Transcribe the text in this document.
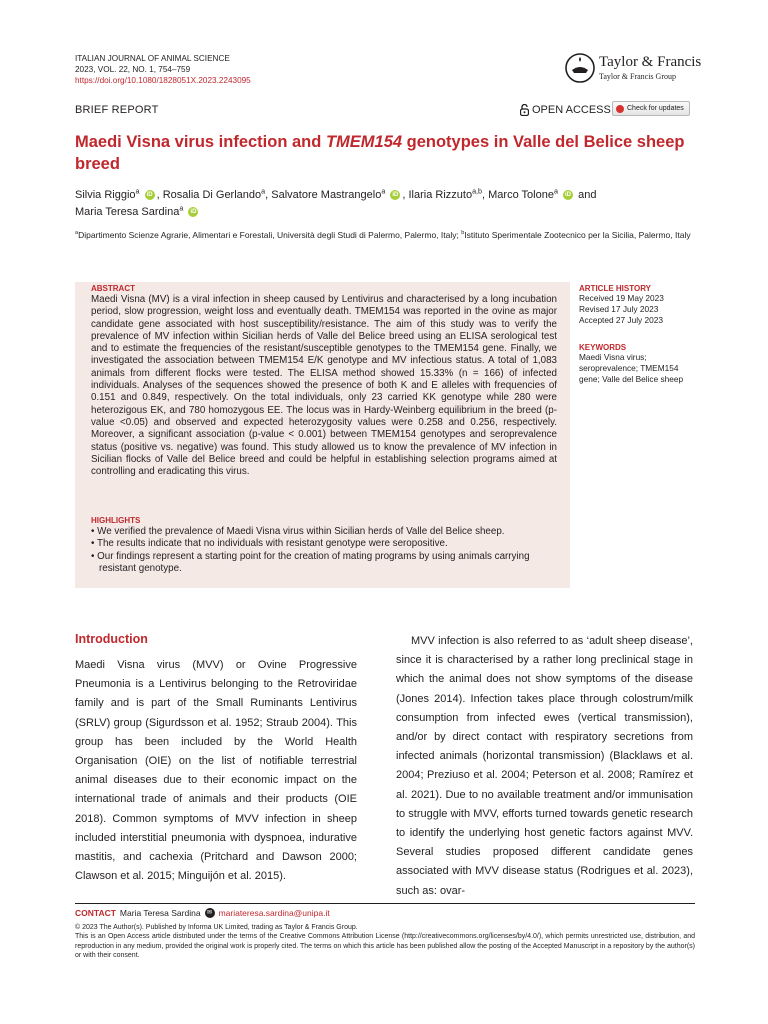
ITALIAN JOURNAL OF ANIMAL SCIENCE
2023, VOL. 22, NO. 1, 754–759
https://doi.org/10.1080/1828051X.2023.2243095
Taylor & Francis
Taylor & Francis Group
BRIEF REPORT	OPEN ACCESS Check for updates
Maedi Visna virus infection and TMEM154 genotypes in Valle del Belice sheep breed
Silvia Riggio$^a$ iD , Rosalia Di Gerlando$^a$, Salvatore Mastrangelo$^a$ iD , Ilaria Rizzuto$^{a,b}$, Marco Tolone$^a$ iD and
Maria Teresa Sardina$^a$ iD
$^a$Dipartimento Scienze Agrarie, Alimentari e Forestali, Università degli Studi di Palermo, Palermo, Italy; $^b$Istituto Sperimentale Zootecnico per la Sicilia, Palermo, Italy
ABSTRACT
Maedi Visna (MV) is a viral infection in sheep caused by Lentivirus and characterised by a long incubation period, slow progression, weight loss and eventually death. TMEM154 was reported in the ovine as major candidate gene associated with host susceptibility/resistance. The aim of this study was to verify the prevalence of MV infection within Sicilian herds of Valle del Belice breed using an ELISA serological test and to estimate the frequencies of the resistant/susceptible genotypes to the TMEM154 gene. Finally, we investigated the association between TMEM154 E/K genotype and MV infectious status. A total of 1,083 animals from different flocks were tested. The ELISA method showed 15.33% (n = 166) of infected individuals. Analyses of the sequences showed the presence of both K and E alleles with frequencies of 0.151 and 0.849, respectively. On the total individuals, only 23 carried KK genotype while 280 were heterozigous EK, and 780 homozygous EE. The locus was in Hardy-Weinberg equilibrium in the breed (p-value <0.05) and observed and expected heterozygosity values were 0.258 and 0.256, respectively. Moreover, a significant association (p-value < 0.001) between TMEM154 genotypes and seroprevalence status (positive vs. negative) was found. This study allowed us to know the prevalence of MV infection in Sicilian flocks of Valle del Belice breed and could be helpful in establishing selection programs aimed at controlling and eradicating this virus.
HIGHLIGHTS
• We verified the prevalence of Maedi Visna virus within Sicilian herds of Valle del Belice sheep.
• The results indicate that no individuals with resistant genotype were seropositive.
• Our findings represent a starting point for the creation of mating programs by using animals carrying resistant genotype.
ARTICLE HISTORY
Received 19 May 2023
Revised 17 July 2023
Accepted 27 July 2023
KEYWORDS
Maedi Visna virus; seroprevalence; TMEM154 gene; Valle del Belice sheep
Introduction
Maedi Visna virus (MVV) or Ovine Progressive Pneumonia is a Lentivirus belonging to the Retroviridae family and is part of the Small Ruminants Lentivirus (SRLV) group (Sigurdsson et al. 1952; Straub 2004). This group has been included by the World Health Organisation (OIE) on the list of notifiable terrestrial animal diseases due to their economic impact on the international trade of animals and their products (OIE 2018). Common symptoms of MVV infection in sheep included interstitial pneumonia with dyspnoea, indurative mastitis, and cachexia (Pritchard and Dawson 2000; Clawson et al. 2015; Minguijón et al. 2015).
MVV infection is also referred to as ‘adult sheep disease’, since it is characterised by a rather long preclinical stage in which the animal does not show symptoms of the disease (Jones 2014). Infection takes place through colostrum/milk consumption from infected ewes (vertical transmission), and/or by direct contact with respiratory secretions from infected animals (horizontal transmission) (Blacklaws et al. 2004; Preziuso et al. 2004; Peterson et al. 2008; Ramírez et al. 2021). Due to no available treatment and/or immunisation to struggle with MVV, efforts turned towards genetic research to identify the underlying host genetic factors against MVV. Several studies proposed different candidate genes associated with MVV disease status (Rodrigues et al. 2023), such as: ovar-
CONTACT Maria Teresa Sardina	✉ mariateresa.sardina@unipa.it
© 2023 The Author(s). Published by Informa UK Limited, trading as Taylor & Francis Group.
This is an Open Access article distributed under the terms of the Creative Commons Attribution License (http://creativecommons.org/licenses/by/4.0/), which permits unrestricted use, distribution, and reproduction in any medium, provided the original work is properly cited. The terms on which this article has been published allow the posting of the Accepted Manuscript in a repository by the author(s) or with their consent.
